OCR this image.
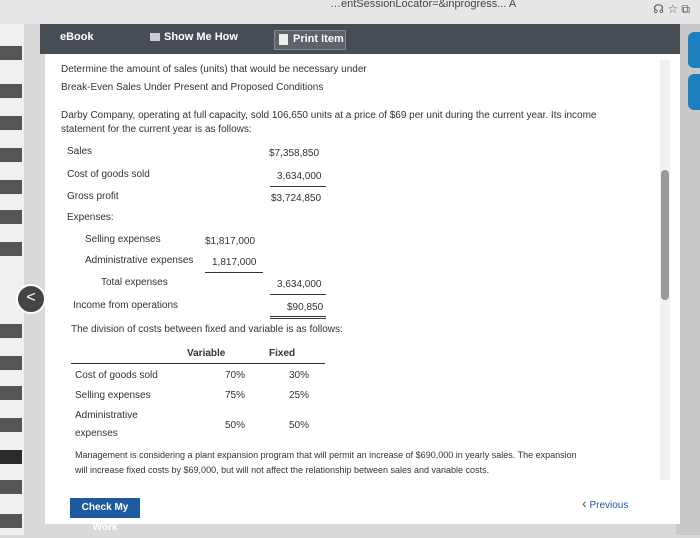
…entSessionLocator=&inprogress... A	☊ ☆ ⧉
eBook	Show Me How	Print Item
Determine the amount of sales (units) that would be necessary under
Break-Even Sales Under Present and Proposed Conditions
Darby Company, operating at full capacity, sold 106,650 units at a price of $69 per unit during the current year. Its income
statement for the current year is as follows:
Sales	$7,358,850
Cost of goods sold	3,634,000
Gross profit	$3,724,850
Expenses:
Selling expenses	$1,817,000
Administrative expenses 1,817,000
Total expenses	3,634,000
Income from operations	$90,850
The division of costs between fixed and variable is as follows:
Variable	Fixed
Cost of goods sold	70%	30%
Selling expenses	75%	25%
Administrative
expenses
50%	50%
Management is considering a plant expansion program that will permit an increase of $690,000 in yearly sales. The expansion
will increase fixed costs by $69,000, but will not affect the relationship between sales and variable costs.
<
Check My Work
‹ Previous
